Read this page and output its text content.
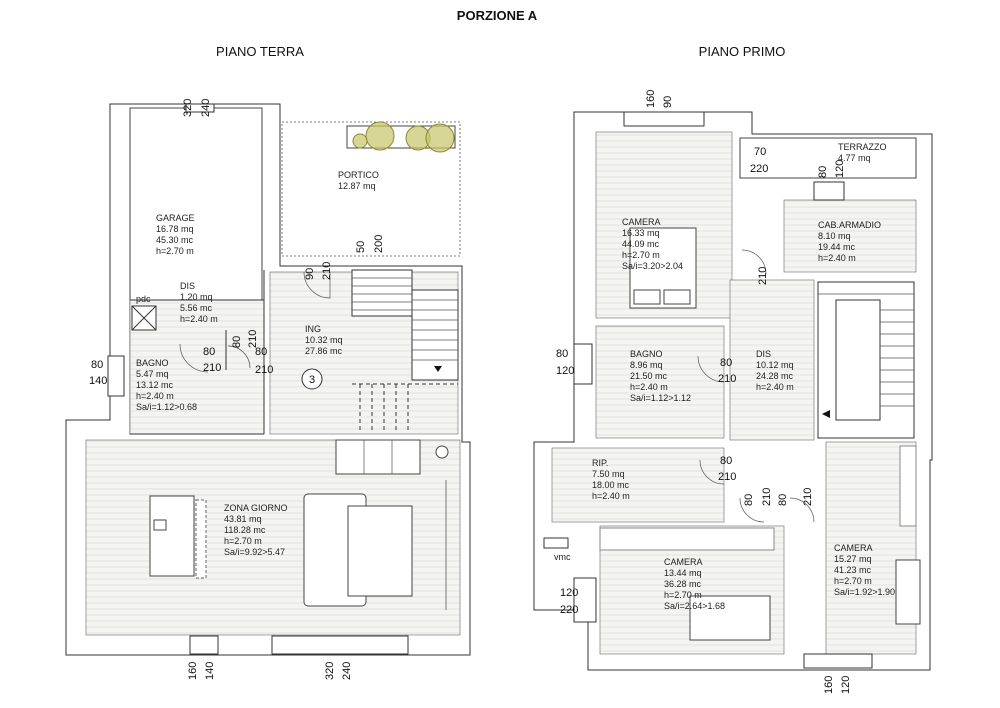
PORZIONE A
PIANO TERRA	PIANO PRIMO
pdc
3
GARAGE
16.78 mq
45.30 mc
h=2.70 m
PORTICO
12.87 mq
DIS
1.20 mq
5.56 mc
h=2.40 m
ING
10.32 mq
27.86 mc
BAGNO
5.47 mq
13.12 mc
h=2.40 m
Sa/i=1.12>0.68
ZONA GIORNO
43.81 mq
118.28 mc
h=2.70 m
Sa/i=9.92>5.47
320 240
90 210
50 200
80
210
80
80
210
210
80
140
160 140	320 240
vmc
TERRAZZO
4.77 mq
CAMERA
16.33 mq
44.09 mc
h=2.70 m
Sa/i=3.20>2.04
CAB.ARMADIO
8.10 mq
19.44 mc
h=2.40 m
BAGNO
8.96 mq
21.50 mc
h=2.40 m
Sa/i=1.12>1.12
DIS
10.12 mq
24.28 mc
h=2.40 m
RIP.
7.50 mq
18.00 mc
h=2.40 m
CAMERA
13.44 mq
36.28 mc
h=2.70 m
Sa/i=2.64>1.68
CAMERA
15.27 mq
41.23 mc
h=2.70 m
Sa/i=1.92>1.90
160 90
70
220	80 120
210
80
120
80
210
80
210
80 210 80 210
120
220
160 120
